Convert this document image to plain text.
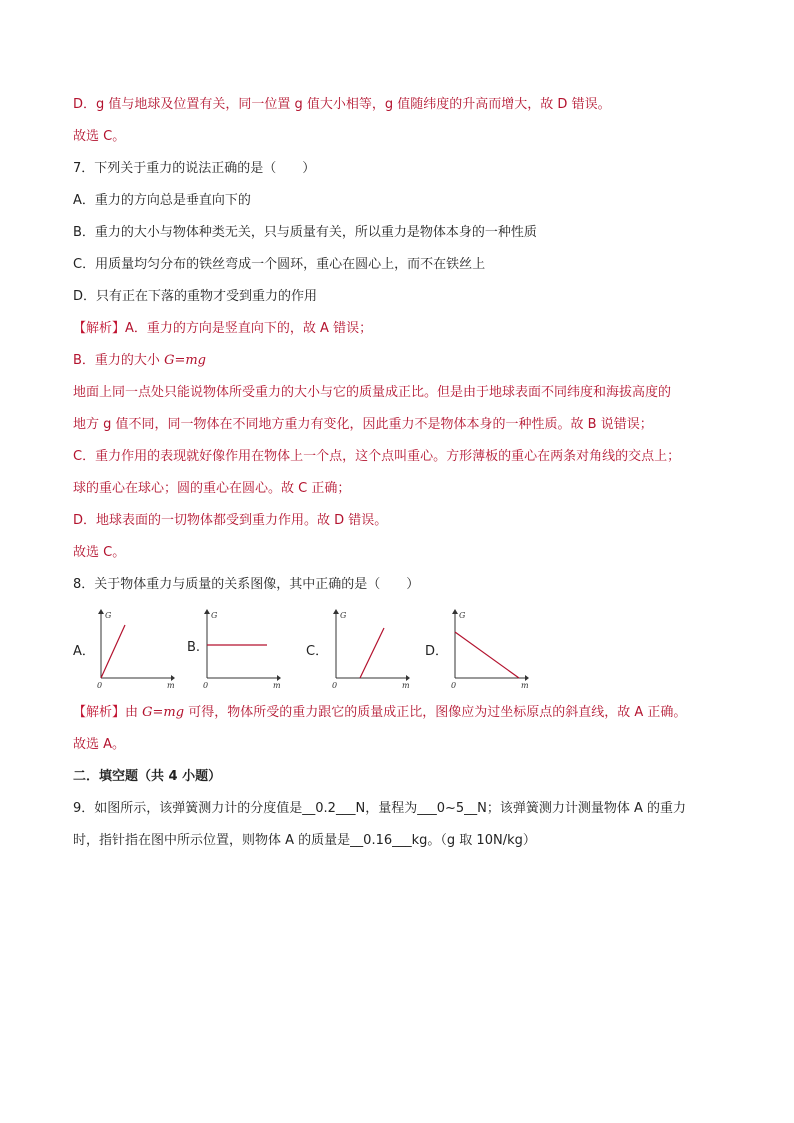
D．g 值与地球及位置有关，同一位置 g 值大小相等，g 值随纬度的升高而增大，故 D 错误。
故选 C。
7．下列关于重力的说法正确的是（　　）
A．重力的方向总是垂直向下的
B．重力的大小与物体种类无关，只与质量有关，所以重力是物体本身的一种性质
C．用质量均匀分布的铁丝弯成一个圆环，重心在圆心上，而不在铁丝上
D．只有正在下落的重物才受到重力的作用
【解析】A．重力的方向是竖直向下的，故 A 错误；
B．重力的大小 G=mg
地面上同一点处只能说物体所受重力的大小与它的质量成正比。但是由于地球表面不同纬度和海拔高度的
地方 g 值不同，同一物体在不同地方重力有变化，因此重力不是物体本身的一种性质。故 B 说错误；
C．重力作用的表现就好像作用在物体上一个点，这个点叫重心。方形薄板的重心在两条对角线的交点上；
球的重心在球心；圆的重心在圆心。故 C 正确；
D．地球表面的一切物体都受到重力作用。故 D 错误。
故选 C。
8．关于物体重力与质量的关系图像，其中正确的是（　　）
A．
G
m
0
B.
G
m
0
C．
G
m
0
D．
G
m
0
【解析】由 G=mg 可得，物体所受的重力跟它的质量成正比，图像应为过坐标原点的斜直线，故 A 正确。
故选 A。
二．填空题（共 4 小题）
9．如图所示，该弹簧测力计的分度值是__0.2___N，量程为___0~5__N；该弹簧测力计测量物体 A 的重力
时，指针指在图中所示位置，则物体 A 的质量是__0.16___kg。（g 取 10N/kg）
